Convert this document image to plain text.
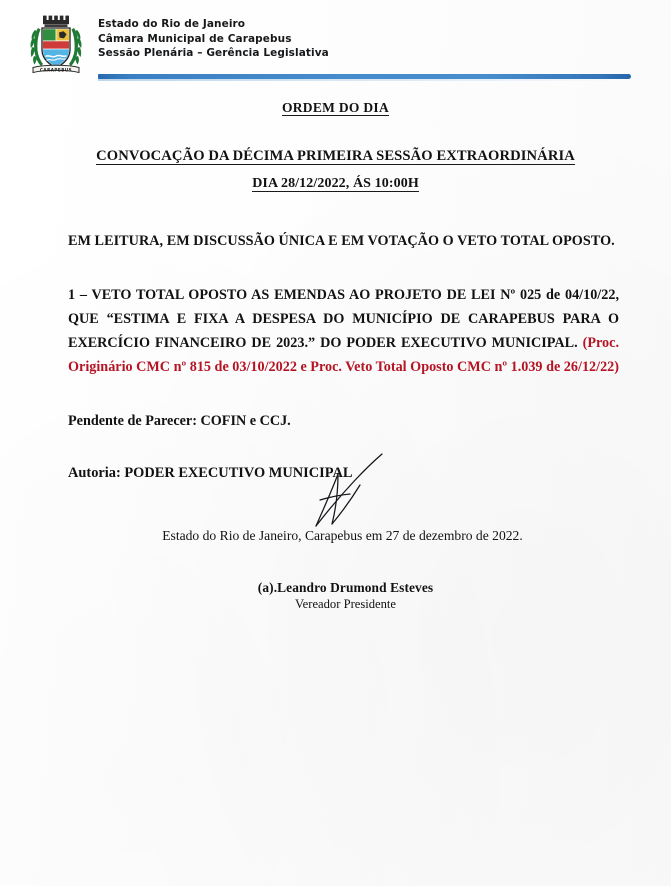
CARAPEBUS
Estado do Rio de Janeiro
Câmara Municipal de Carapebus
Sessão Plenária – Gerência Legislativa
ORDEM DO DIA
CONVOCAÇÃO DA DÉCIMA PRIMEIRA SESSÃO EXTRAORDINÁRIA
DIA 28/12/2022, ÁS 10:00H

EM LEITURA, EM DISCUSSÃO ÚNICA E EM VOTAÇÃO O VETO TOTAL OPOSTO.

1 – VETO TOTAL OPOSTO AS EMENDAS AO PROJETO DE LEI Nº 025 de 04/10/22, QUE “ESTIMA E FIXA A DESPESA DO MUNICÍPIO DE CARAPEBUS PARA O EXERCÍCIO FINANCEIRO DE 2023.” DO PODER EXECUTIVO MUNICIPAL. (Proc. Originário CMC nº 815 de 03/10/2022 e Proc. Veto Total Oposto CMC nº 1.039 de 26/12/22)

Pendente de Parecer: COFIN e CCJ.

Autoria: PODER EXECUTIVO MUNICIPAL

Estado do Rio de Janeiro, Carapebus em 27 de dezembro de 2022.

(a).Leandro Drumond Esteves
Vereador Presidente
